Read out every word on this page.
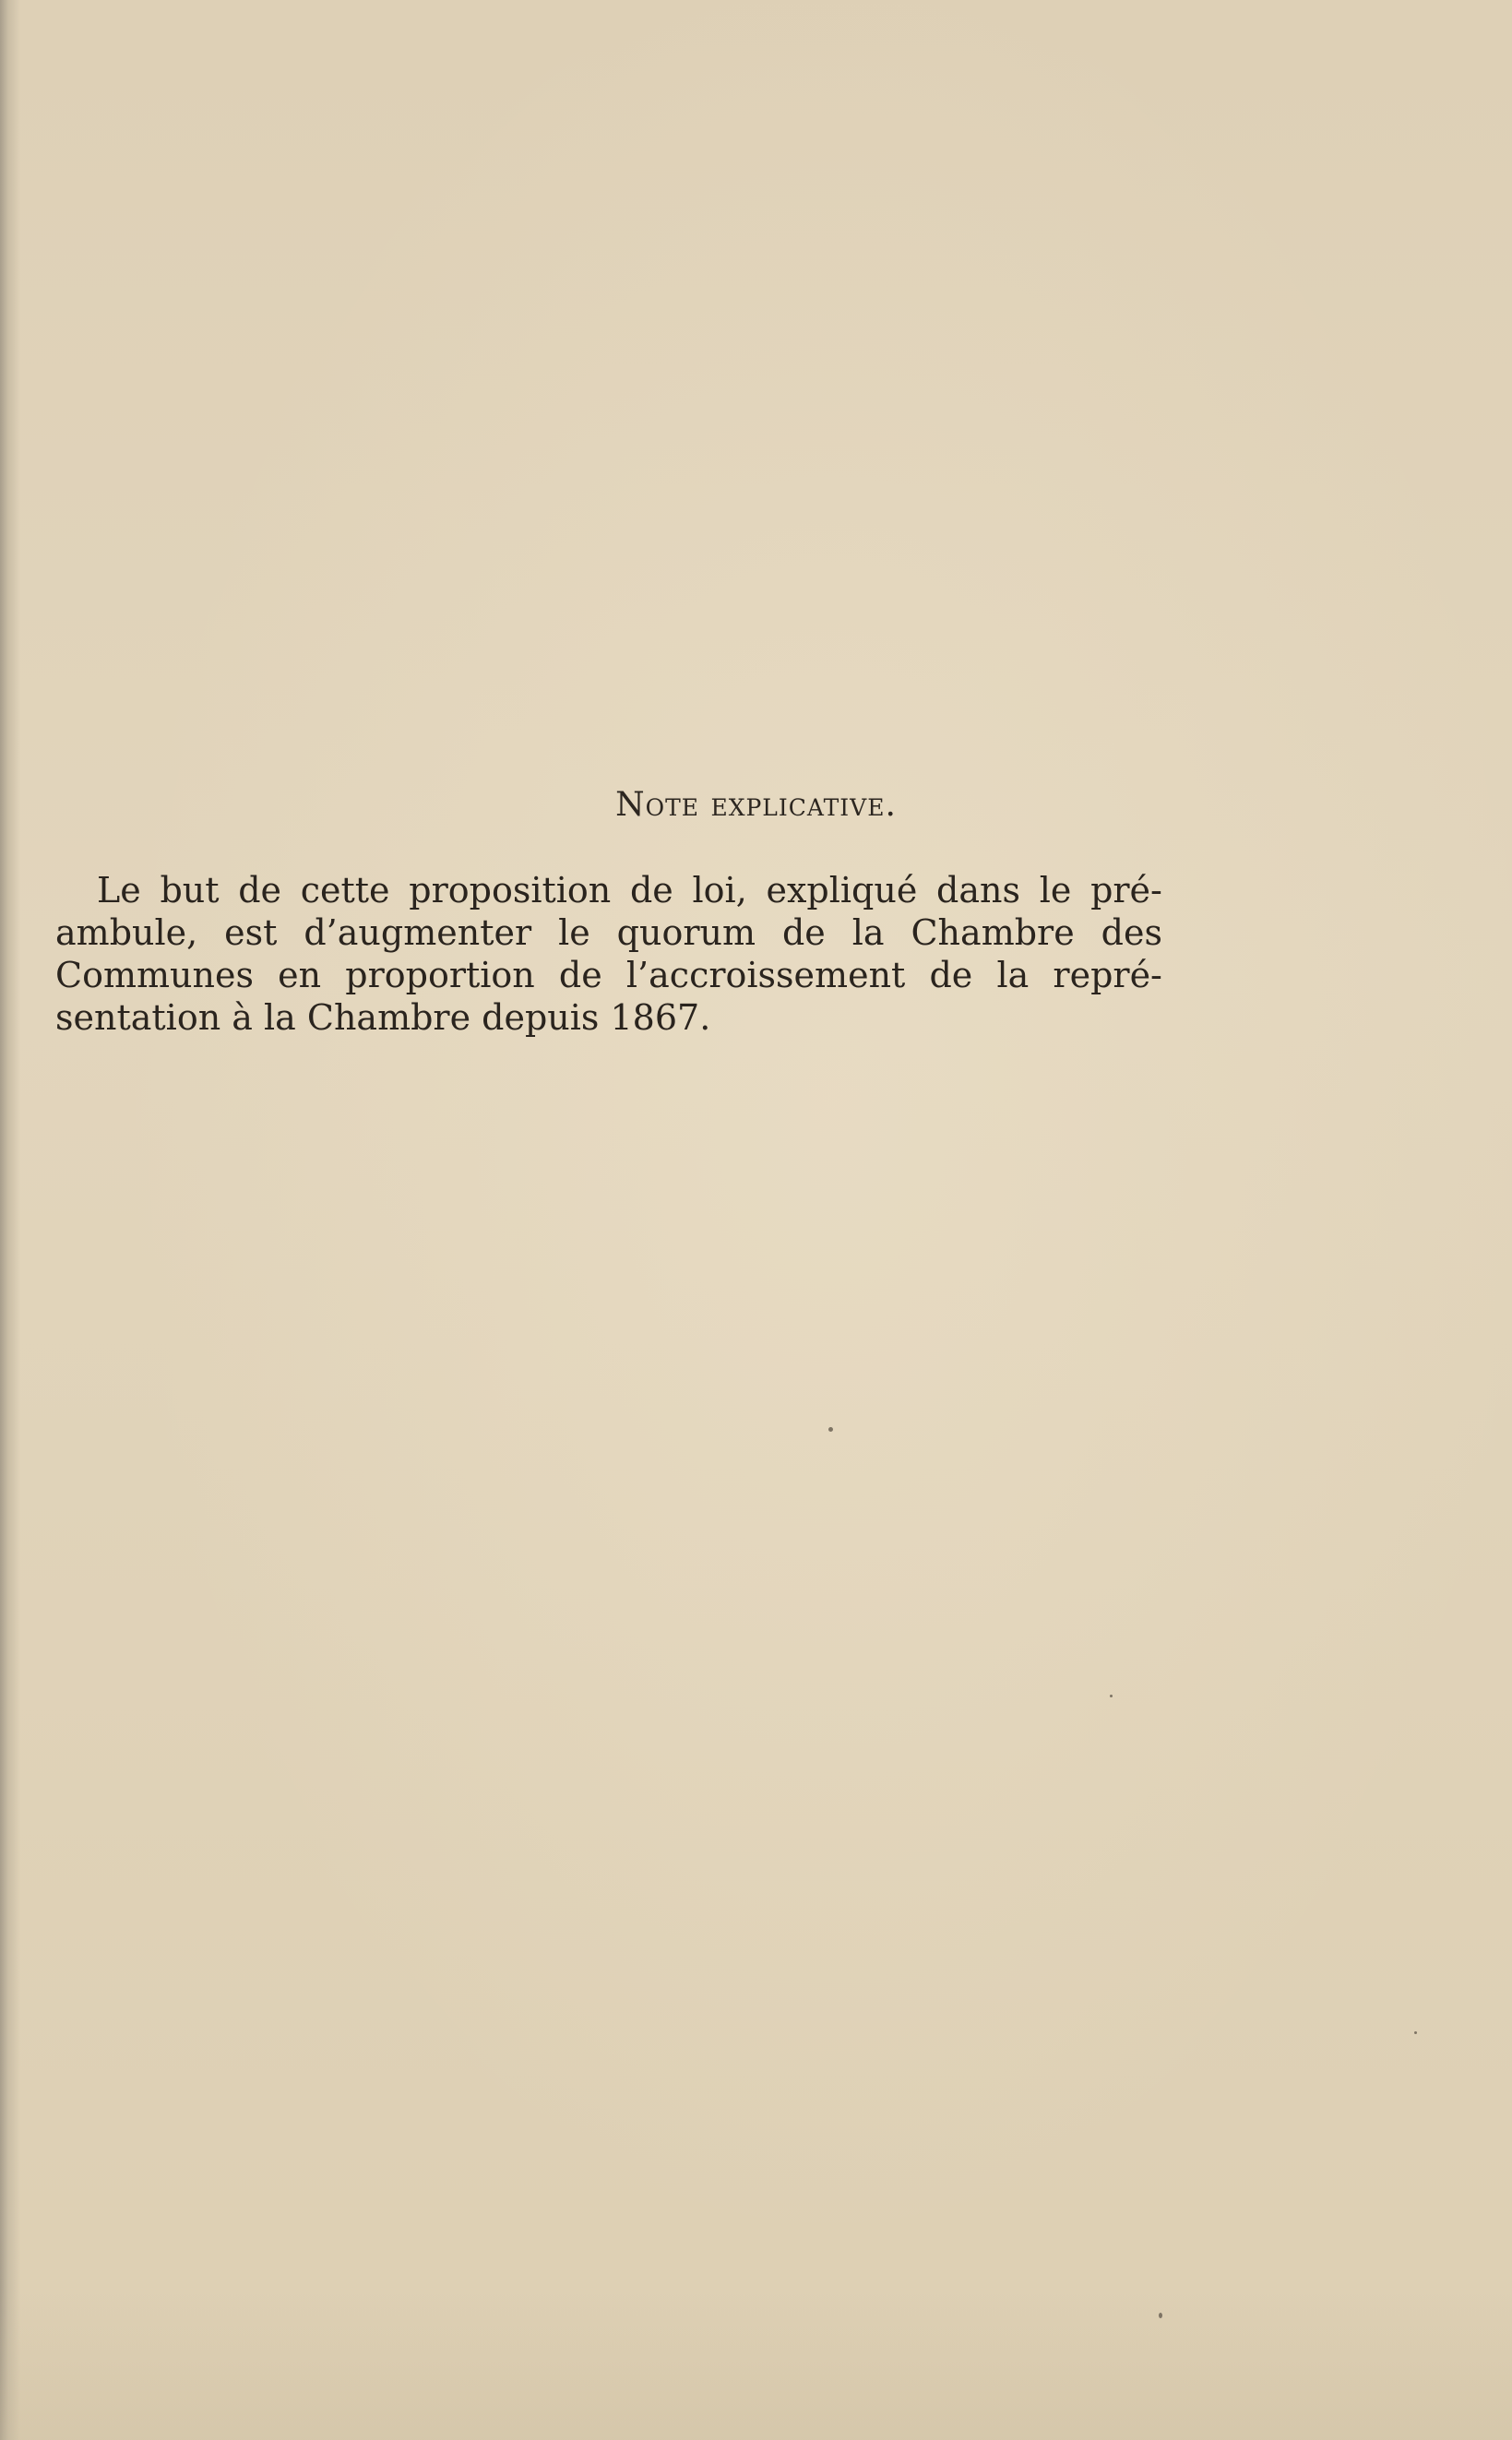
Note explicative.
Le but de cette proposition de loi, expliqué dans le pré-
ambule, est d’augmenter le quorum de la Chambre des
Communes en proportion de l’accroissement de la repré-
sentation à la Chambre depuis 1867.
